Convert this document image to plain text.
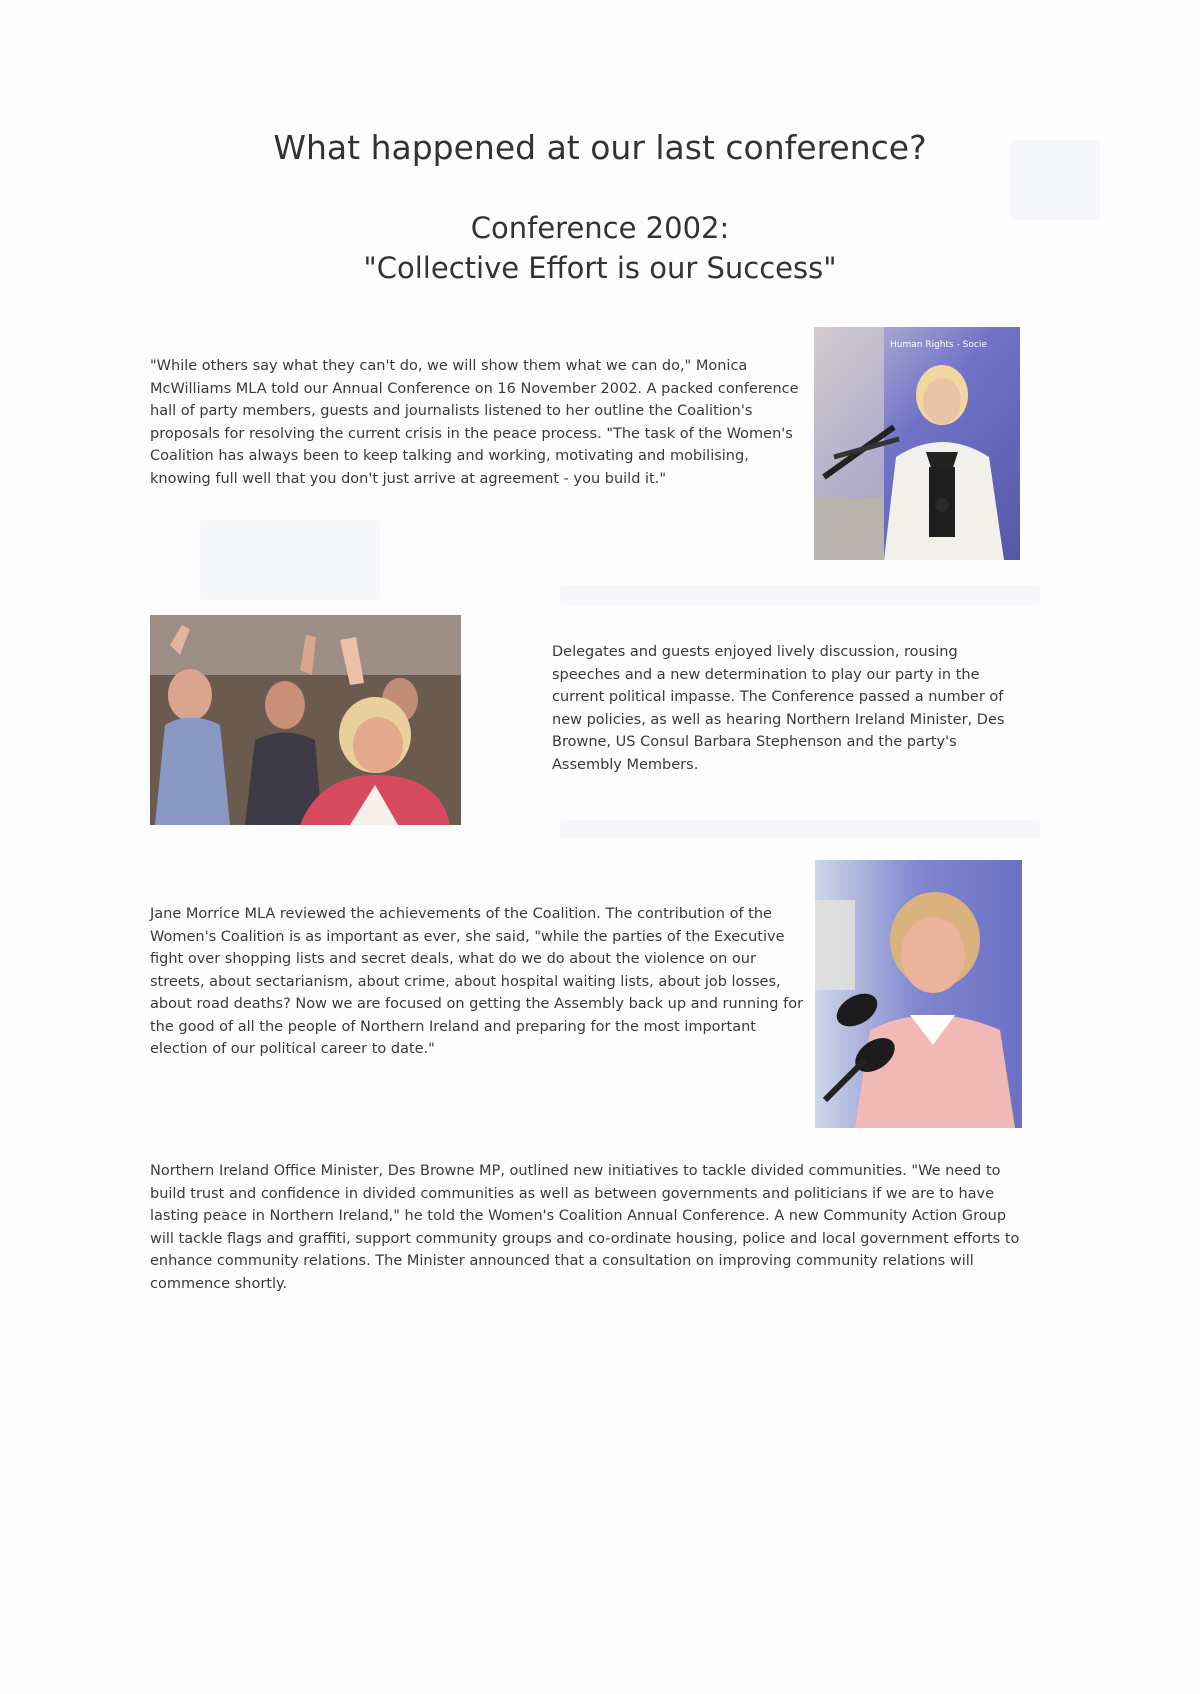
What happened at our last conference?
Conference 2002:
"Collective Effort is our Success"

"While others say what they can't do, we will show them what we can do," Monica McWilliams MLA told our Annual Conference on 16 November 2002. A packed conference hall of party members, guests and journalists listened to her outline the Coalition's proposals for resolving the current crisis in the peace process. "The task of the Women's Coalition has always been to keep talking and working, motivating and mobilising, knowing full well that you don't just arrive at agreement - you build it."

Human Rights - Socie

Delegates and guests enjoyed lively discussion, rousing speeches and a new determination to play our party in the current political impasse. The Conference passed a number of new policies, as well as hearing Northern Ireland Minister, Des Browne, US Consul Barbara Stephenson and the party's Assembly Members.

Jane Morrice MLA reviewed the achievements of the Coalition. The contribution of the Women's Coalition is as important as ever, she said, "while the parties of the Executive fight over shopping lists and secret deals, what do we do about the violence on our streets, about sectarianism, about crime, about hospital waiting lists, about job losses, about road deaths? Now we are focused on getting the Assembly back up and running for the good of all the people of Northern Ireland and preparing for the most important election of our political career to date."

Northern Ireland Office Minister, Des Browne MP, outlined new initiatives to tackle divided communities. "We need to build trust and confidence in divided communities as well as between governments and politicians if we are to have lasting peace in Northern Ireland," he told the Women's Coalition Annual Conference. A new Community Action Group will tackle flags and graffiti, support community groups and co-ordinate housing, police and local government efforts to enhance community relations. The Minister announced that a consultation on improving community relations will commence shortly.
